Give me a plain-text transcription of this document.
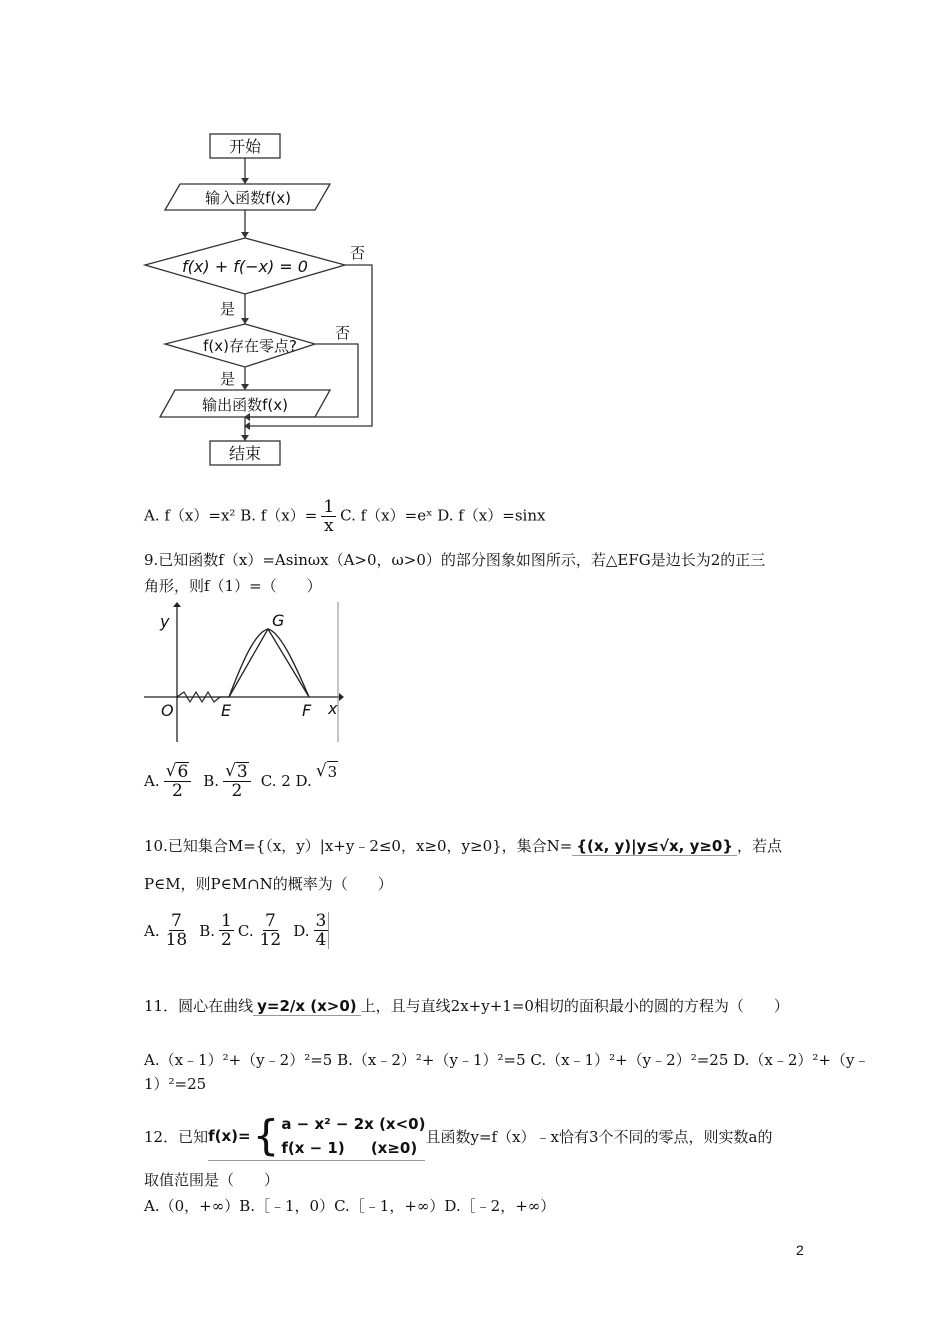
开始
输入函数f(x)
f(x) + f(−x) = 0
f(x)存在零点?
输出函数f(x)
结束
是
是
否
否
A. f（x）=x² B. $f(x)= \frac{1}{x} C$. f（x）=eˣ D. f（x）=sinx
9.已知函数f（x）=Asinωx（A>0，ω>0）的部分图象如图所示，若△EFG是边长为2的正三
角形，则f（1）=（　　）
y	G
O	E	F x
A. $\frac{√ 6}{2} B$. $\frac{√ 3}{2} C$. 2 D.
√ 3
10.已知集合M={（x，y）|x+y﹣2≤0，x≥0，y≥0}，集合N= {(x, y)|y≤√x, y≥0} ，若点
P∈M，则P∈M∩N的概率为（　　）
A. $\frac{7}{18} B$. $\frac{1}{2} C$. $\frac{7}{12} D$. $\frac{3}{4}$
11．圆心在曲线 y=2/x (x>0) 上，且与直线2x+y+1=0相切的面积最小的圆的方程为（　　）
A.（x﹣1）²+（y﹣2）²=5 B.（x﹣2）²+（y﹣1）²=5 C.（x﹣1）²+（y﹣2）²=25 D.（x﹣2）²+（y﹣
1）²=25
12．已知 f(x)= { a − x² − 2x (x<0)
f(x − 1) (x≥0)
且函数y=f（x）﹣x恰有3个不同的零点，则实数a的
取值范围是（　　）
A.（0，+∞）B.［﹣1，0）C.［﹣1，+∞）D.［﹣2，+∞）
2
